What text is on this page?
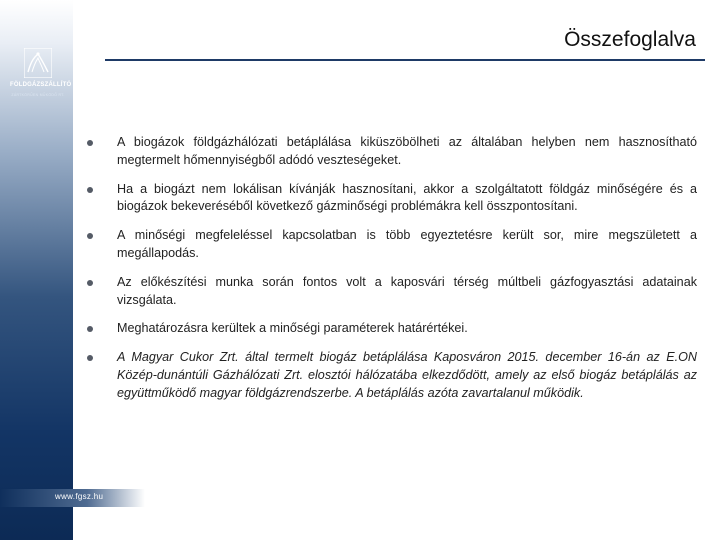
FÖLDGÁZSZÁLLÍTÓ
ZÁRTKÖRŰEN MŰKÖDŐ RT.
www.fgsz.hu
Összefoglalva
A biogázok földgázhálózati betáplálása kiküszöbölheti az általában helyben nem hasznosítható megtermelt hőmennyiségből adódó veszteségeket.
Ha a biogázt nem lokálisan kívánják hasznosítani, akkor a szolgáltatott földgáz minőségére és a biogázok bekeveréséből következő gázminőségi problémákra kell összpontosítani.
A minőségi megfeleléssel kapcsolatban is több egyeztetésre került sor, mire megszületett a megállapodás.
Az előkészítési munka során fontos volt a kaposvári térség múltbeli gázfogyasztási adatainak vizsgálata.
Meghatározásra kerültek a minőségi paraméterek határértékei.
A Magyar Cukor Zrt. által termelt biogáz betáplálása Kaposváron 2015. december 16-án az E.ON Közép-dunántúli Gázhálózati Zrt. elosztói hálózatába elkezdődött, amely az első biogáz betáplálás az együttműködő magyar földgázrendszerbe. A betáplálás azóta zavartalanul működik.
